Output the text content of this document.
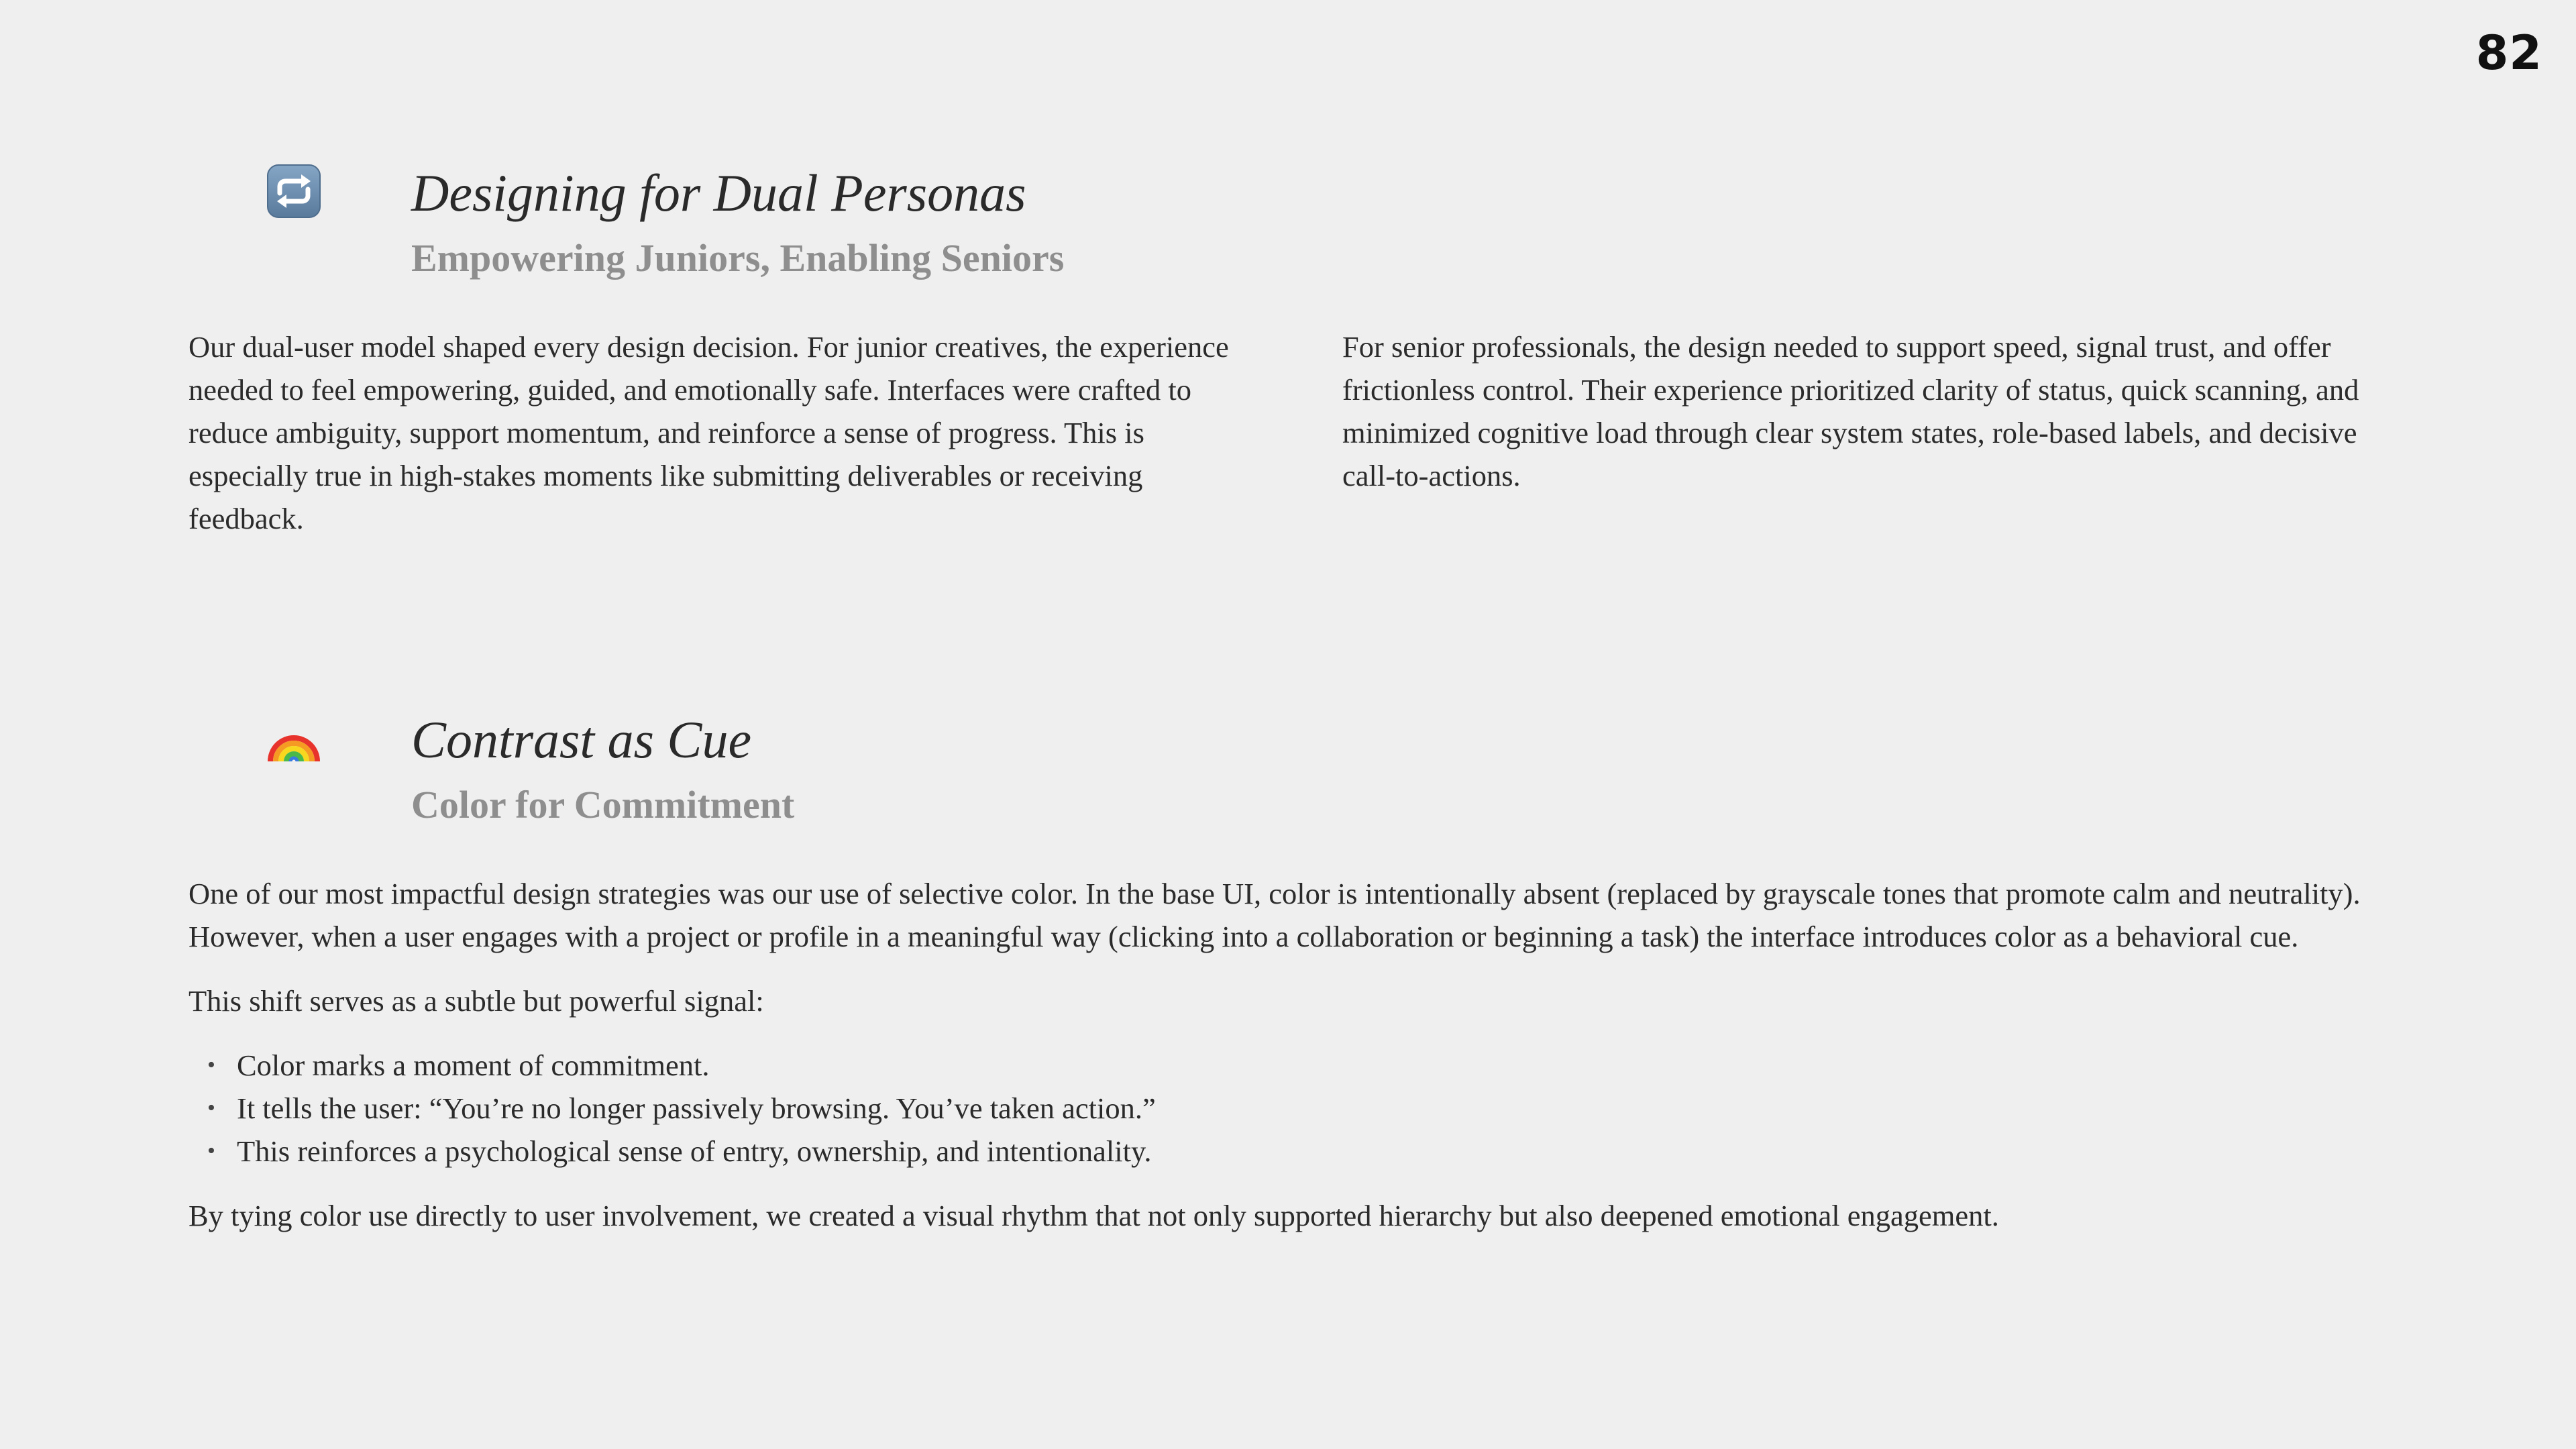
82
Designing for Dual Personas
Empowering Juniors, Enabling Seniors

Our dual-user model shaped every design decision. For junior creatives, the experience needed to feel empowering, guided, and emotionally safe. Interfaces were crafted to reduce ambiguity, support momentum, and reinforce a sense of progress. This is especially true in high-stakes moments like submitting deliverables or receiving feedback.

For senior professionals, the design needed to support speed, signal trust, and offer frictionless control. Their experience prioritized clarity of status, quick scanning, and minimized cognitive load through clear system states, role-based labels, and decisive call-to-actions.

Contrast as Cue
Color for Commitment

One of our most impactful design strategies was our use of selective color. In the base UI, color is intentionally absent (replaced by grayscale tones that promote calm and neutrality). However, when a user engages with a project or profile in a meaningful way (clicking into a collaboration or beginning a task) the interface introduces color as a behavioral cue.

This shift serves as a subtle but powerful signal:

• Color marks a moment of commitment.
• It tells the user: “You’re no longer passively browsing. You’ve taken action.”
• This reinforces a psychological sense of entry, ownership, and intentionality.

By tying color use directly to user involvement, we created a visual rhythm that not only supported hierarchy but also deepened emotional engagement.
